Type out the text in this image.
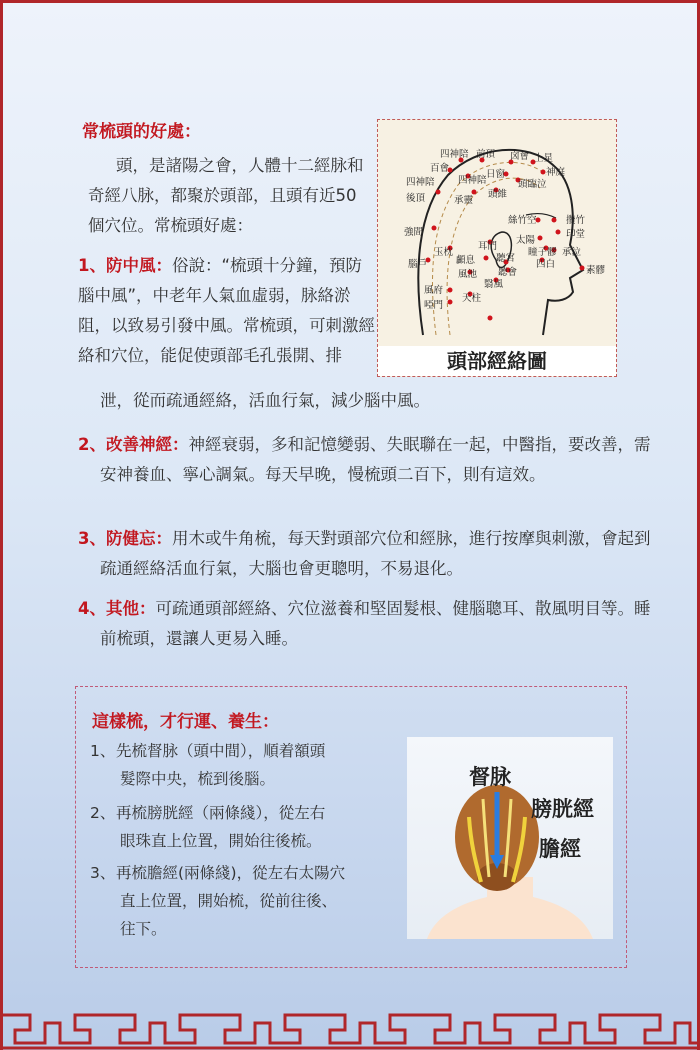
常梳頭的好處：
頭，是諸陽之會，人體十二經脉和奇經八脉，都聚於頭部，且頭有近50個穴位。常梳頭好處：
1、防中風：俗說：“梳頭十分鐘，預防腦中風”，中老年人氣血虛弱，脉絡淤阻，以致易引發中風。常梳頭，可刺激經絡和穴位，能促使頭部毛孔張開、排
泄，從而疏通經絡，活血行氣，減少腦中風。
2、改善神經：神經衰弱，多和記憶變弱、失眠聯在一起，中醫指，要改善，需安神養血、寧心調氣。每天早晚，慢梳頭二百下，則有這效。
3、防健忘：用木或牛角梳，每天對頭部穴位和經脉，進行按摩與刺激，會起到疏通經絡活血行氣，大腦也會更聰明，不易退化。
4、其他：可疏通頭部經絡、穴位滋養和堅固髮根、健腦聰耳、散風明目等。睡前梳頭，還讓人更易入睡。
四神陪 前頂 囟會 上星
百會	神庭
四神陪
日窗
四神陪	頭臨泣
後頂	承靈
頭維
強間
絲竹空	攢竹
印堂
玉枕
耳門
太陽
瞳子髎 承泣
腦戶	顱息 聽宮
四白
素髎
風池
翳風
聽會
風府
天柱
啞門
頭部經絡圖
這樣梳，才行運、養生：
1、先梳督脉（頭中間），順着額頭
髮際中央，梳到後腦。
2、再梳膀胱經（兩條綫），從左右
眼珠直上位置，開始往後梳。
3、再梳膽經(兩條綫)，從左右太陽穴
直上位置，開始梳，從前往後、
往下。
督脉
膀胱經
膽經
